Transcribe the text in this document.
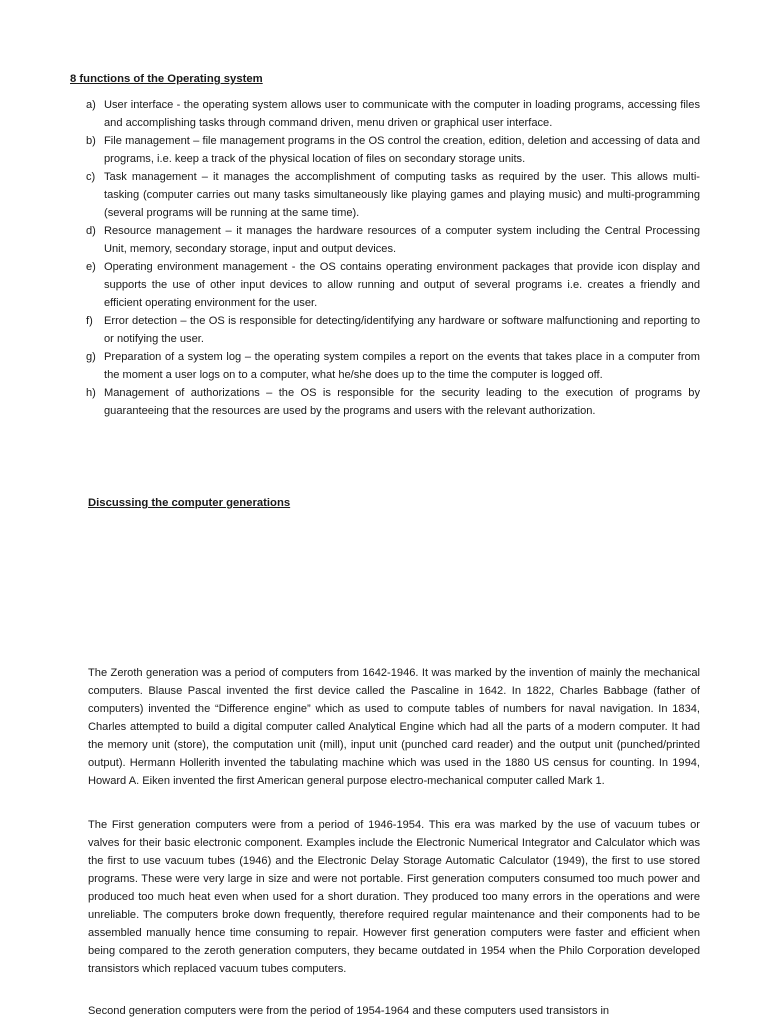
8 functions of the Operating system
a) User interface - the operating system allows user to communicate with the computer in loading programs, accessing files and accomplishing tasks through command driven, menu driven or graphical user interface.
b) File management – file management programs in the OS control the creation, edition, deletion and accessing of data and programs, i.e. keep a track of the physical location of files on secondary storage units.
c) Task management – it manages the accomplishment of computing tasks as required by the user. This allows multi-tasking (computer carries out many tasks simultaneously like playing games and playing music) and multi-programming (several programs will be running at the same time).
d) Resource management – it manages the hardware resources of a computer system including the Central Processing Unit, memory, secondary storage, input and output devices.
e) Operating environment management - the OS contains operating environment packages that provide icon display and supports the use of other input devices to allow running and output of several programs i.e. creates a friendly and efficient operating environment for the user.
f) Error detection – the OS is responsible for detecting/identifying any hardware or software malfunctioning and reporting to or notifying the user.
g) Preparation of a system log – the operating system compiles a report on the events that takes place in a computer from the moment a user logs on to a computer, what he/she does up to the time the computer is logged off.
h) Management of authorizations – the OS is responsible for the security leading to the execution of programs by guaranteeing that the resources are used by the programs and users with the relevant authorization.
Discussing the computer generations

The Zeroth generation was a period of computers from 1642-1946. It was marked by the invention of mainly the mechanical computers. Blause Pascal invented the first device called the Pascaline in 1642. In 1822, Charles Babbage (father of computers) invented the “Difference engine” which as used to compute tables of numbers for naval navigation. In 1834, Charles attempted to build a digital computer called Analytical Engine which had all the parts of a modern computer. It had the memory unit (store), the computation unit (mill), input unit (punched card reader) and the output unit (punched/printed output). Hermann Hollerith invented the tabulating machine which was used in the 1880 US census for counting. In 1994, Howard A. Eiken invented the first American general purpose electro-mechanical computer called Mark 1.

The First generation computers were from a period of 1946-1954. This era was marked by the use of vacuum tubes or valves for their basic electronic component. Examples include the Electronic Numerical Integrator and Calculator which was the first to use vacuum tubes (1946) and the Electronic Delay Storage Automatic Calculator (1949), the first to use stored programs. These were very large in size and were not portable. First generation computers consumed too much power and produced too much heat even when used for a short duration. They produced too many errors in the operations and were unreliable. The computers broke down frequently, therefore required regular maintenance and their components had to be assembled manually hence time consuming to repair. However first generation computers were faster and efficient when being compared to the zeroth generation computers, they became outdated in 1954 when the Philo Corporation developed transistors which replaced vacuum tubes computers.

Second generation computers were from the period of 1954-1964 and these computers used transistors in
